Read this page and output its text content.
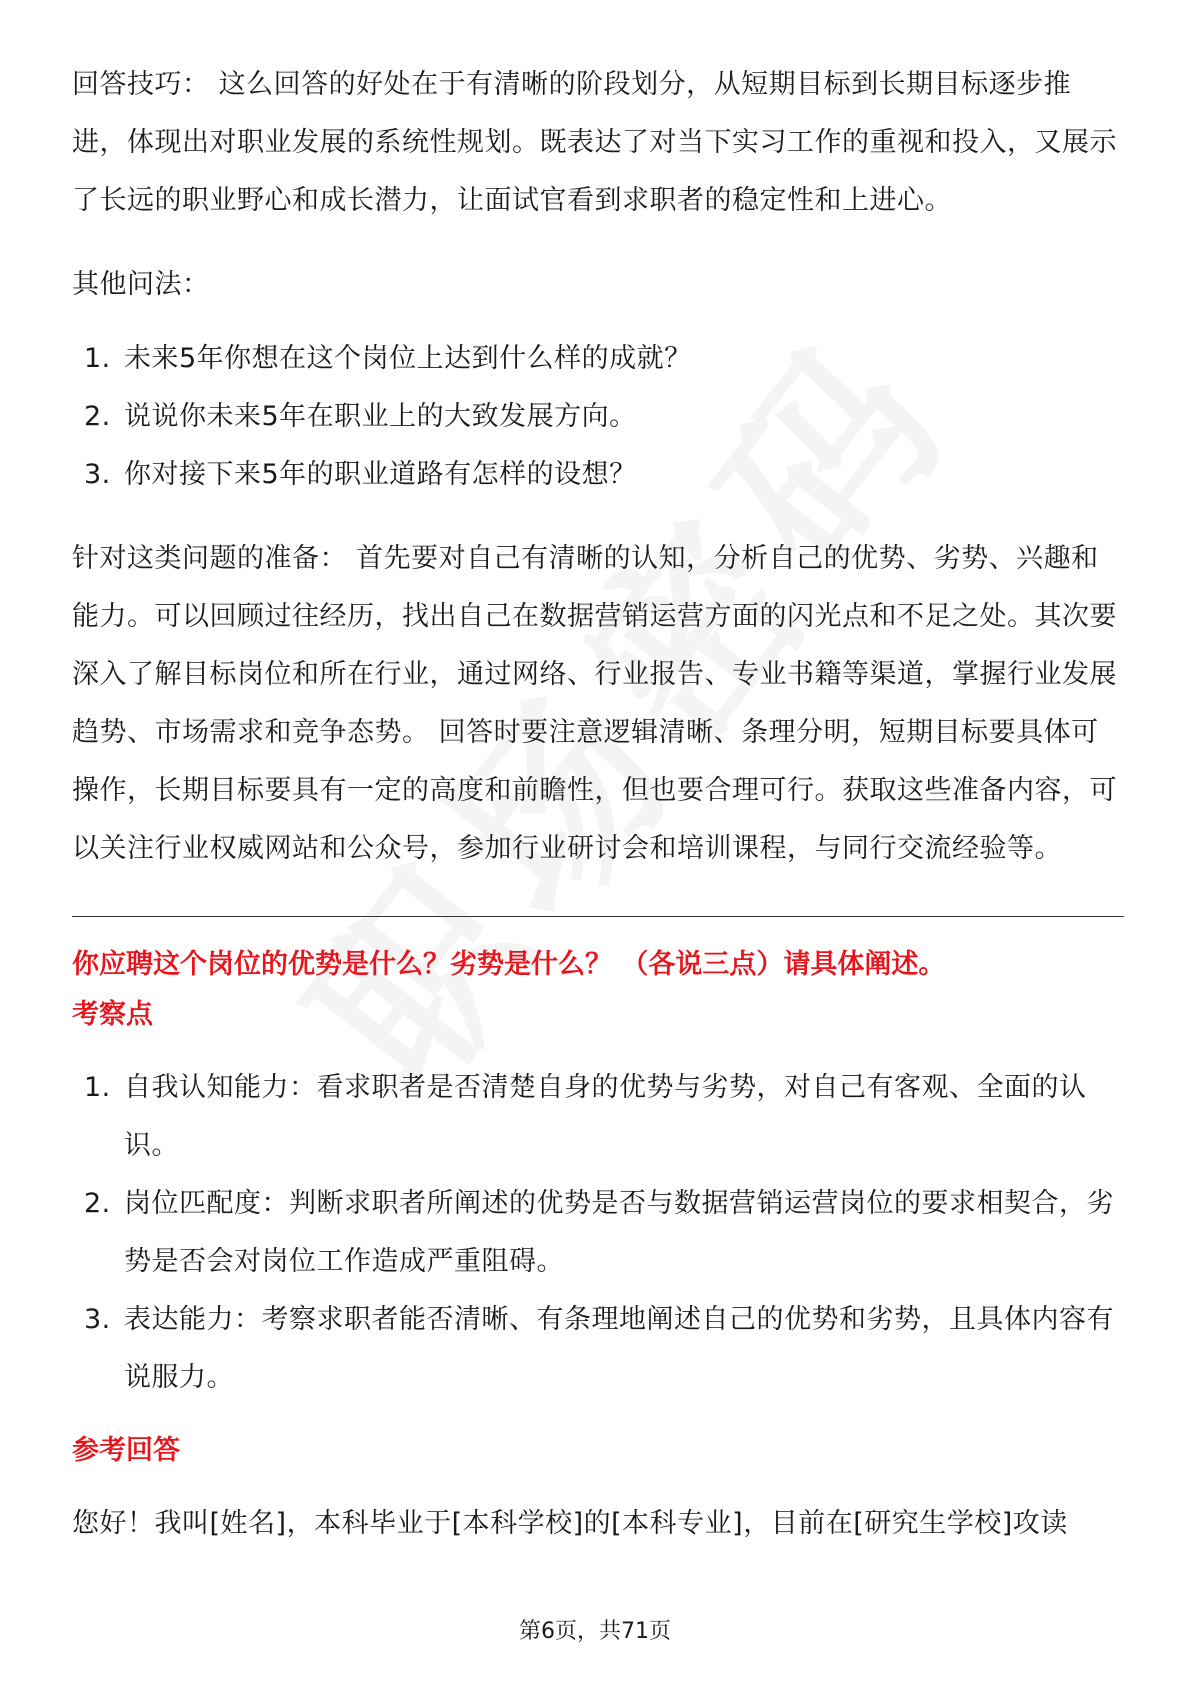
回答技巧： 这么回答的好处在于有清晰的阶段划分，从短期目标到长期目标逐步推进，体现出对职业发展的系统性规划。既表达了对当下实习工作的重视和投入，又展示了长远的职业野心和成长潜力，让面试官看到求职者的稳定性和上进心。

其他问法：

1. 未来5年你想在这个岗位上达到什么样的成就？
2. 说说你未来5年在职业上的大致发展方向。
3. 你对接下来5年的职业道路有怎样的设想？

针对这类问题的准备： 首先要对自己有清晰的认知，分析自己的优势、劣势、兴趣和能力。可以回顾过往经历，找出自己在数据营销运营方面的闪光点和不足之处。其次要深入了解目标岗位和所在行业，通过网络、行业报告、专业书籍等渠道，掌握行业发展趋势、市场需求和竞争态势。 回答时要注意逻辑清晰、条理分明，短期目标要具体可操作，长期目标要具有一定的高度和前瞻性，但也要合理可行。获取这些准备内容，可以关注行业权威网站和公众号，参加行业研讨会和培训课程，与同行交流经验等。

你应聘这个岗位的优势是什么？劣势是什么？ （各说三点）请具体阐述。

考察点

1. 自我认知能力：看求职者是否清楚自身的优势与劣势，对自己有客观、全面的认识。
2. 岗位匹配度：判断求职者所阐述的优势是否与数据营销运营岗位的要求相契合，劣势是否会对岗位工作造成严重阻碍。
3. 表达能力：考察求职者能否清晰、有条理地阐述自己的优势和劣势，且具体内容有说服力。

参考回答

您好！我叫[姓名]，本科毕业于[本科学校]的[本科专业]，目前在[研究生学校]攻读

第6页，共71页
